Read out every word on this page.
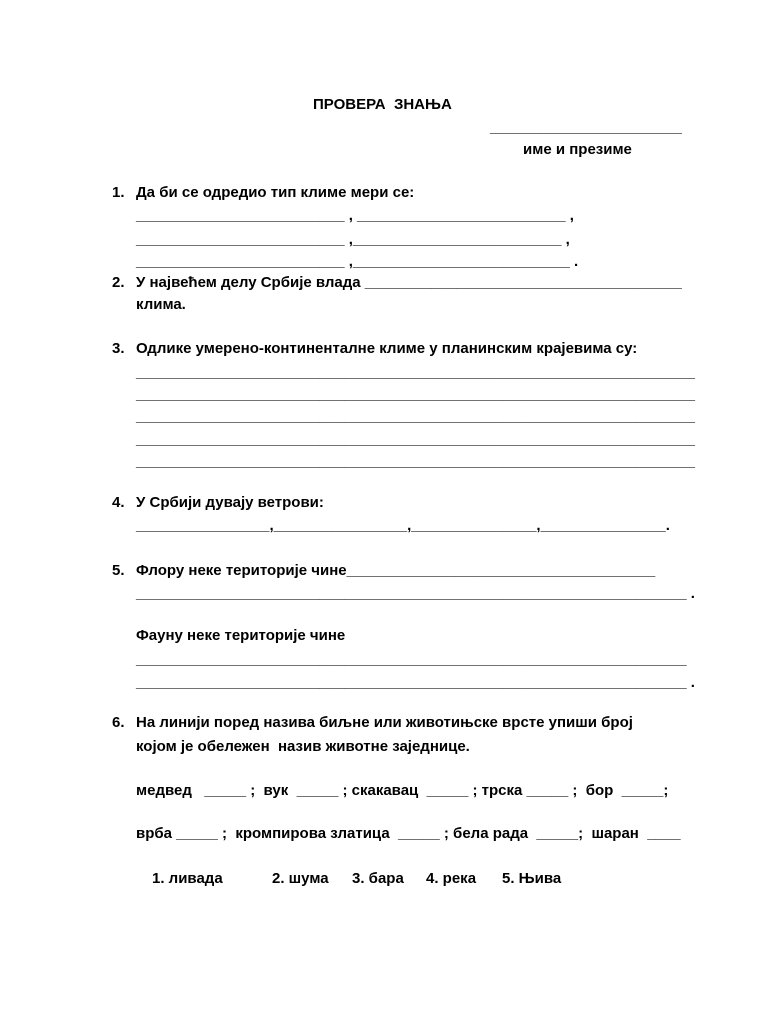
ПРОВЕРА  ЗНАЊА
_______________________
име и презиме
1. Да би се одредио тип климе мери се:
_________________________ , _________________________ ,
_________________________ ,_________________________ ,
_________________________ ,__________________________ .
2. У највећем делу Србије влада ______________________________________
клима.
3. Одлике умерено-континенталне климе у планинским крајевима су:
___________________________________________________________________
___________________________________________________________________
___________________________________________________________________
___________________________________________________________________
___________________________________________________________________
4. У Србији дувају ветрови:
________________,________________,_______________,_______________.
5. Флору неке територије чине_____________________________________
__________________________________________________________________ .
Фауну неке територије чине
__________________________________________________________________
__________________________________________________________________ .
6. На линији поред назива биљне или животињске врсте упиши број
којом је обележен  назив животне заједнице.
медвед   _____ ;  вук  _____ ; скакавац  _____ ; трска _____ ;  бор  _____;
врба _____ ;  кромпирова златица  _____ ; бела рада  _____;  шаран  ____
1. ливада	2. шума 3. бара 4. река 5. Њива
